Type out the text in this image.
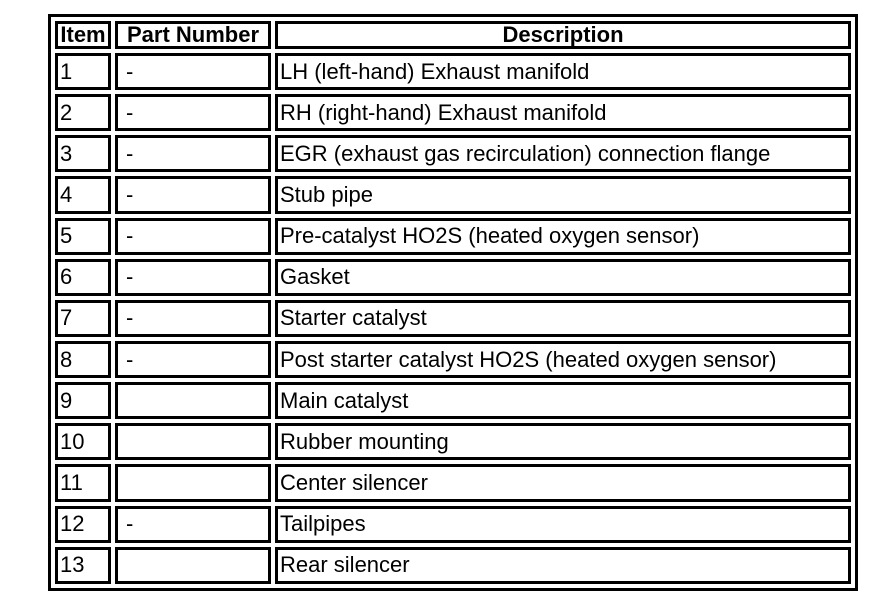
Item	Part Number	Description
1	-	LH (left-hand) Exhaust manifold
2	-	RH (right-hand) Exhaust manifold
3	-	EGR (exhaust gas recirculation) connection flange
4	-	Stub pipe
5	-	Pre-catalyst HO2S (heated oxygen sensor)
6	-	Gasket
7	-	Starter catalyst
8	-	Post starter catalyst HO2S (heated oxygen sensor)
9		Main catalyst
10		Rubber mounting
11		Center silencer
12	-	Tailpipes
13		Rear silencer
